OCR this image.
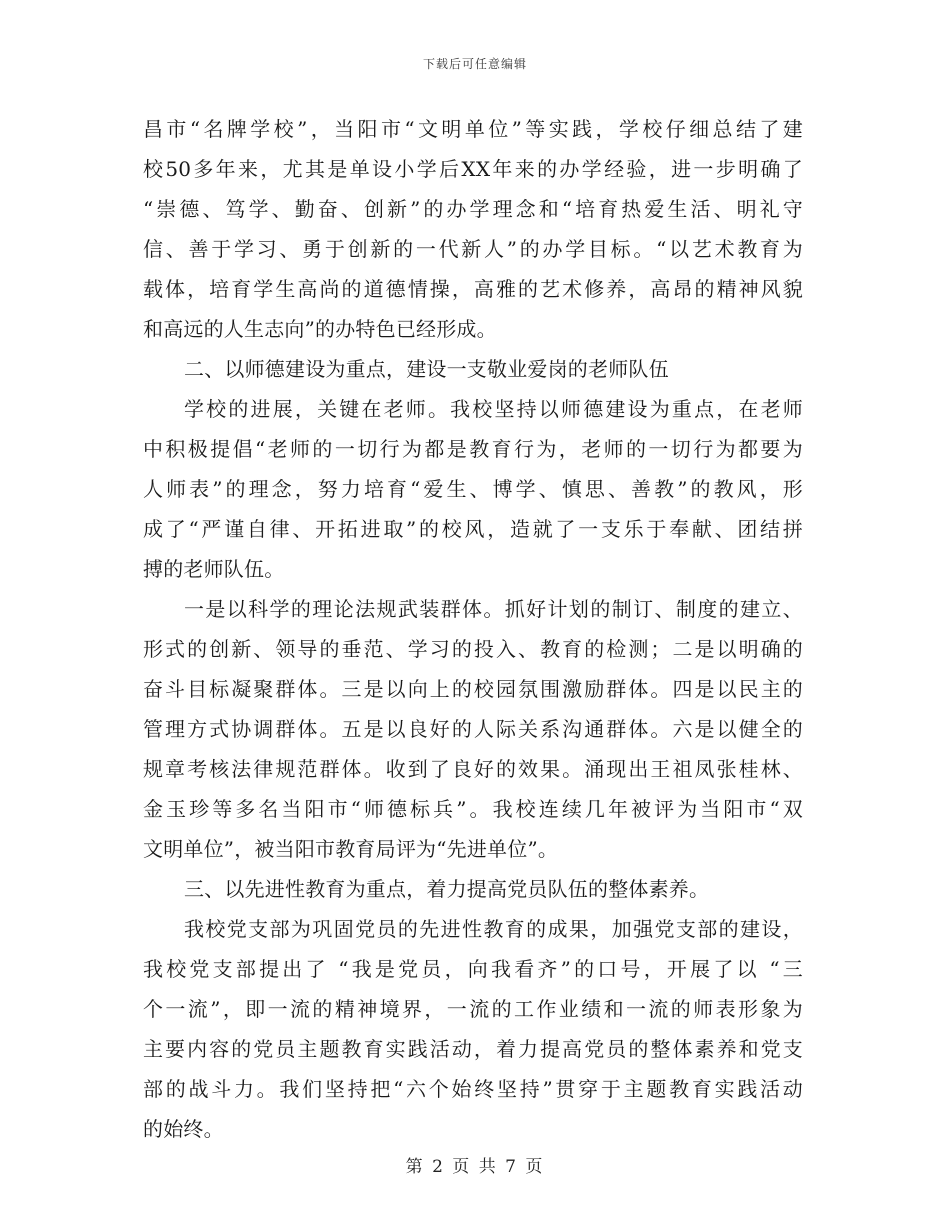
下载后可任意编辑
昌市“名牌学校”，当阳市“文明单位”等实践，学校仔细总结了建
校50多年来，尤其是单设小学后XX年来的办学经验，进一步明确了
“崇德、笃学、勤奋、创新”的办学理念和“培育热爱生活、明礼守
信、善于学习、勇于创新的一代新人”的办学目标。“以艺术教育为
载体，培育学生高尚的道德情操，高雅的艺术修养，高昂的精神风貌
和高远的人生志向”的办特色已经形成。
二、以师德建设为重点，建设一支敬业爱岗的老师队伍
学校的进展，关键在老师。我校坚持以师德建设为重点，在老师
中积极提倡“老师的一切行为都是教育行为，老师的一切行为都要为
人师表”的理念，努力培育“爱生、博学、慎思、善教”的教风，形
成了“严谨自律、开拓进取”的校风，造就了一支乐于奉献、团结拼
搏的老师队伍。
一是以科学的理论法规武装群体。抓好计划的制订、制度的建立、
形式的创新、领导的垂范、学习的投入、教育的检测；二是以明确的
奋斗目标凝聚群体。三是以向上的校园氛围激励群体。四是以民主的
管理方式协调群体。五是以良好的人际关系沟通群体。六是以健全的
规章考核法律规范群体。收到了良好的效果。涌现出王祖凤张桂林、
金玉珍等多名当阳市“师德标兵”。我校连续几年被评为当阳市“双
文明单位”，被当阳市教育局评为“先进单位”。
三、以先进性教育为重点，着力提高党员队伍的整体素养。
我校党支部为巩固党员的先进性教育的成果，加强党支部的建设，
我校党支部提出了 “我是党员，向我看齐”的口号，开展了以 “三
个一流”，即一流的精神境界，一流的工作业绩和一流的师表形象为
主要内容的党员主题教育实践活动，着力提高党员的整体素养和党支
部的战斗力。我们坚持把“六个始终坚持”贯穿于主题教育实践活动
的始终。
第 2 页 共 7 页
